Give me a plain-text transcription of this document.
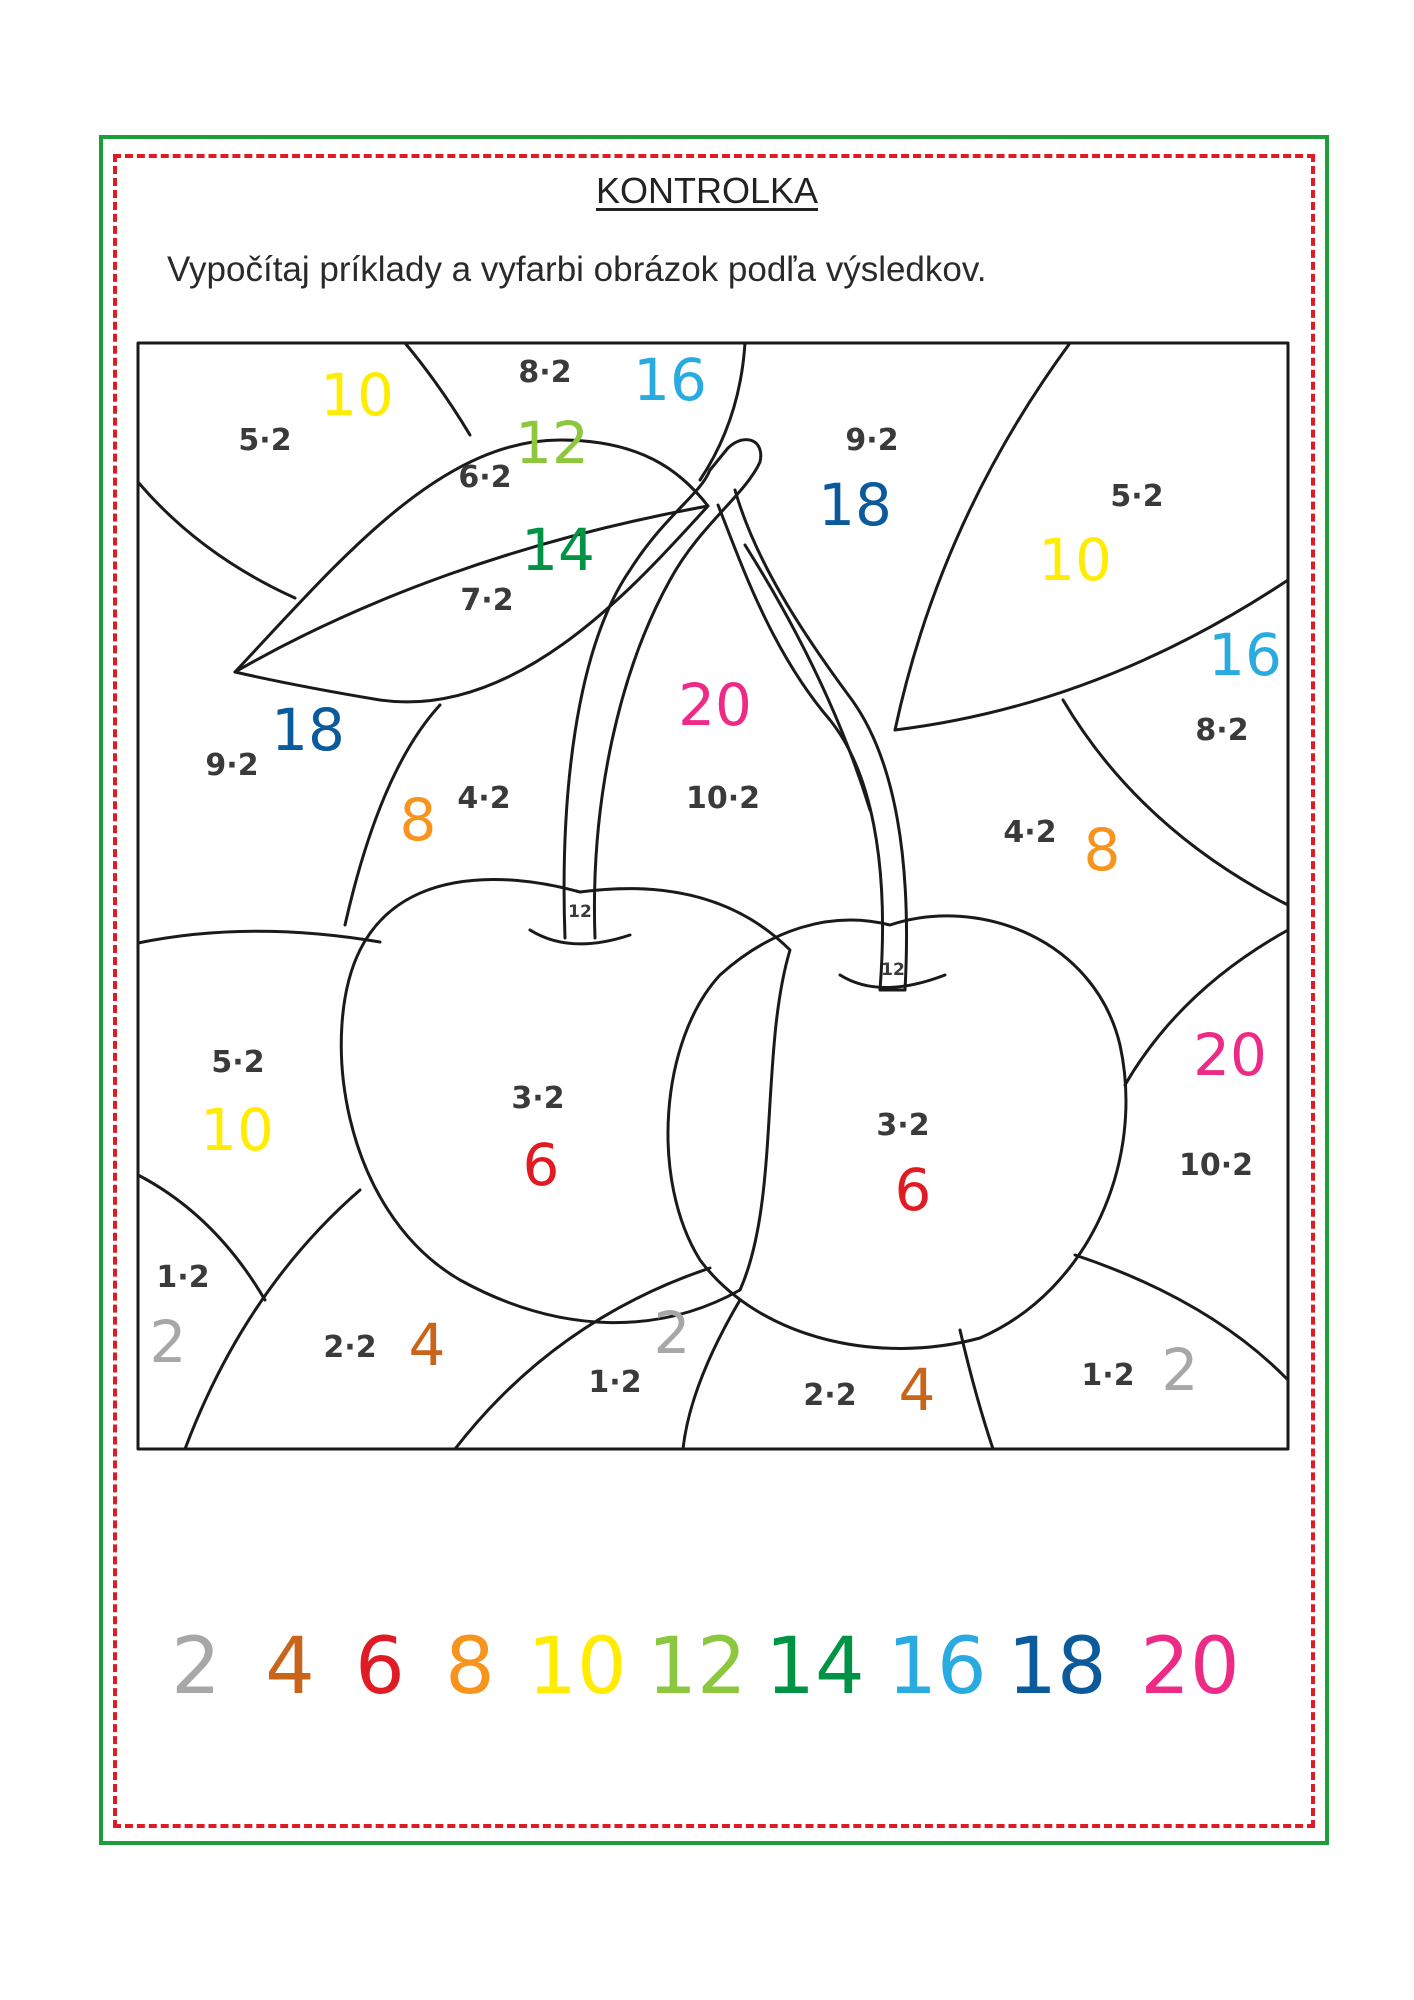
KONTROLKA
Vypočítaj príklady a vyfarbi obrázok podľa výsledkov.
8·2 16
5·2
10
6·2
12
7·2
14
9·2
18
5·2
10
8·2
16
9·2
18
4·2
8	10·2
20
4·2 8
5·2
10	3·2
6
3·2
6	10·2
20
1·2
2	2·2 4
1·2
2
2·2 4	1·2 2
12
12
2 4 6 8 10 12 14 16 18 20
